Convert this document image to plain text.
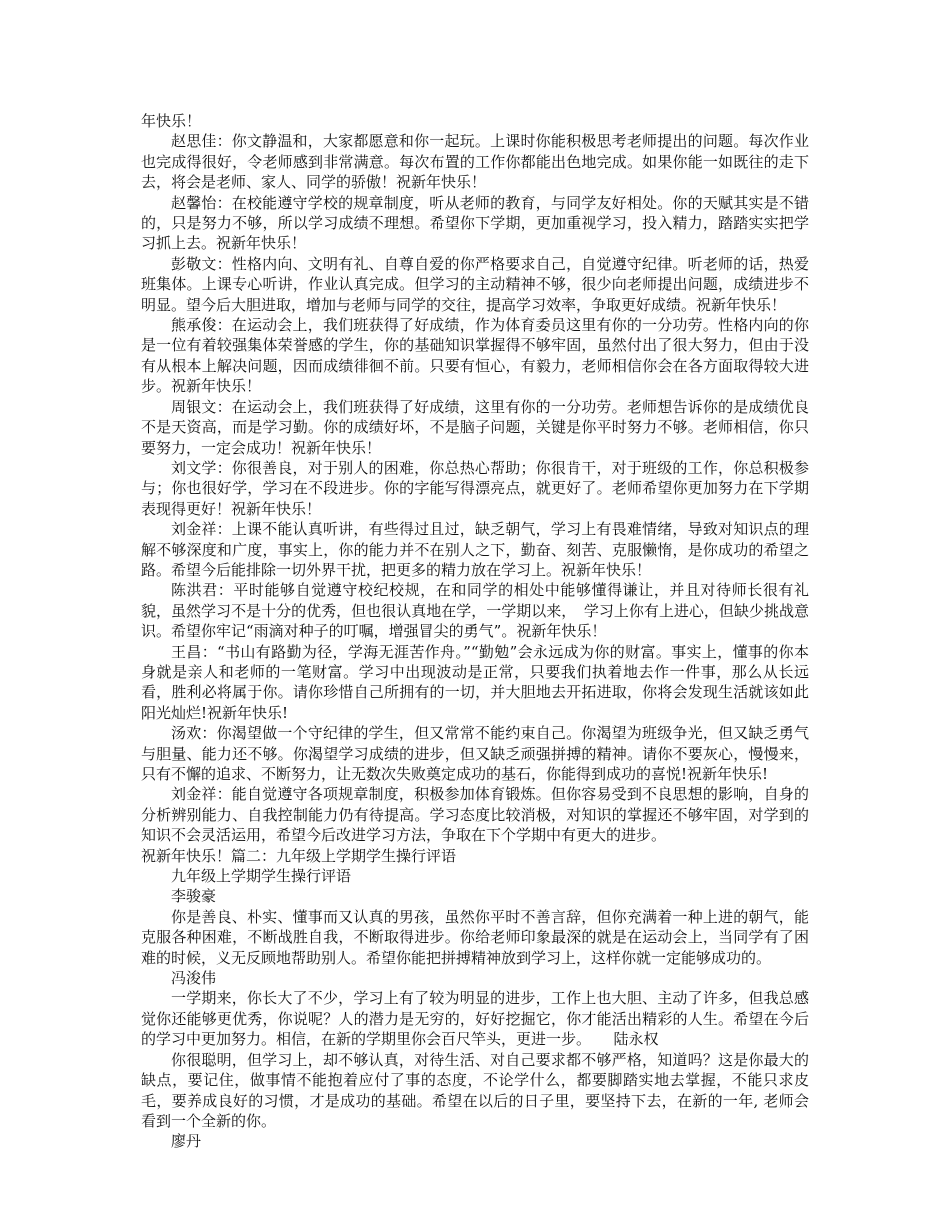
年快乐！

赵思佳：你文静温和，大家都愿意和你一起玩。上课时你能积极思考老师提出的问题。每次作业也完成得很好，令老师感到非常满意。每次布置的工作你都能出色地完成。如果你能一如既往的走下去，将会是老师、家人、同学的骄傲！祝新年快乐！

赵馨怡：在校能遵守学校的规章制度，听从老师的教育，与同学友好相处。你的天赋其实是不错的，只是努力不够，所以学习成绩不理想。希望你下学期，更加重视学习，投入精力，踏踏实实把学习抓上去。祝新年快乐！

彭敬文：性格内向、文明有礼、自尊自爱的你严格要求自己，自觉遵守纪律。听老师的话，热爱班集体。上课专心听讲，作业认真完成。但学习的主动精神不够，很少向老师提出问题，成绩进步不明显。望今后大胆进取，增加与老师与同学的交往，提高学习效率，争取更好成绩。祝新年快乐！

熊承俊：在运动会上，我们班获得了好成绩，作为体育委员这里有你的一分功劳。性格内向的你是一位有着较强集体荣誉感的学生，你的基础知识掌握得不够牢固，虽然付出了很大努力，但由于没有从根本上解决问题，因而成绩徘徊不前。只要有恒心，有毅力，老师相信你会在各方面取得较大进步。祝新年快乐！

周银文：在运动会上，我们班获得了好成绩，这里有你的一分功劳。老师想告诉你的是成绩优良不是天资高，而是学习勤。你的成绩好坏，不是脑子问题，关键是你平时努力不够。老师相信，你只要努力，一定会成功！祝新年快乐！

刘文学：你很善良，对于别人的困难，你总热心帮助；你很肯干，对于班级的工作，你总积极参与；你也很好学，学习在不段进步。你的字能写得漂亮点，就更好了。老师希望你更加努力在下学期表现得更好！祝新年快乐！

刘金祥：上课不能认真听讲，有些得过且过，缺乏朝气，学习上有畏难情绪，导致对知识点的理解不够深度和广度，事实上，你的能力并不在别人之下，勤奋、刻苦、克服懒惰，是你成功的希望之路。希望今后能排除一切外界干扰，把更多的精力放在学习上。祝新年快乐！

陈洪君：平时能够自觉遵守校纪校规，在和同学的相处中能够懂得谦让，并且对待师长很有礼貌，虽然学习不是十分的优秀，但也很认真地在学，一学期以来，　学习上你有上进心，但缺少挑战意识。希望你牢记“雨滴对种子的叮嘱，增强冒尖的勇气”。祝新年快乐！

王昌：“书山有路勤为径，学海无涯苦作舟。”“勤勉”会永远成为你的财富。事实上，懂事的你本身就是亲人和老师的一笔财富。学习中出现波动是正常，只要我们执着地去作一件事，那么从长远看，胜利必将属于你。请你珍惜自己所拥有的一切，并大胆地去开拓进取，你将会发现生活就该如此阳光灿烂!祝新年快乐!

汤欢：你渴望做一个守纪律的学生，但又常常不能约束自己。你渴望为班级争光，但又缺乏勇气与胆量、能力还不够。你渴望学习成绩的进步，但又缺乏顽强拼搏的精神。请你不要灰心，慢慢来，只有不懈的追求、不断努力，让无数次失败奠定成功的基石，你能得到成功的喜悦!祝新年快乐!

刘金祥：能自觉遵守各项规章制度，积极参加体育锻炼。但你容易受到不良思想的影响，自身的分析辨别能力、自我控制能力仍有待提高。学习态度比较消极，对知识的掌握还不够牢固，对学到的知识不会灵活运用，希望今后改进学习方法，争取在下个学期中有更大的进步。

祝新年快乐！篇二：九年级上学期学生操行评语

九年级上学期学生操行评语

李骏豪

你是善良、朴实、懂事而又认真的男孩，虽然你平时不善言辞，但你充满着一种上进的朝气，能克服各种困难，不断战胜自我，不断取得进步。你给老师印象最深的就是在运动会上，当同学有了困难的时候，义无反顾地帮助别人。希望你能把拼搏精神放到学习上，这样你就一定能够成功的。

冯浚伟

一学期来，你长大了不少，学习上有了较为明显的进步，工作上也大胆、主动了许多，但我总感觉你还能够更优秀，你说呢？人的潜力是无穷的，好好挖掘它，你才能活出精彩的人生。希望在今后的学习中更加努力。相信，在新的学期里你会百尺竿头，更进一步。　　陆永权

你很聪明，但学习上，却不够认真，对待生活、对自己要求都不够严格，知道吗？这是你最大的缺点，要记住，做事情不能抱着应付了事的态度，不论学什么，都要脚踏实地去掌握，不能只求皮毛，要养成良好的习惯，才是成功的基础。希望在以后的日子里，要坚持下去，在新的一年, 老师会看到一个全新的你。

廖丹
